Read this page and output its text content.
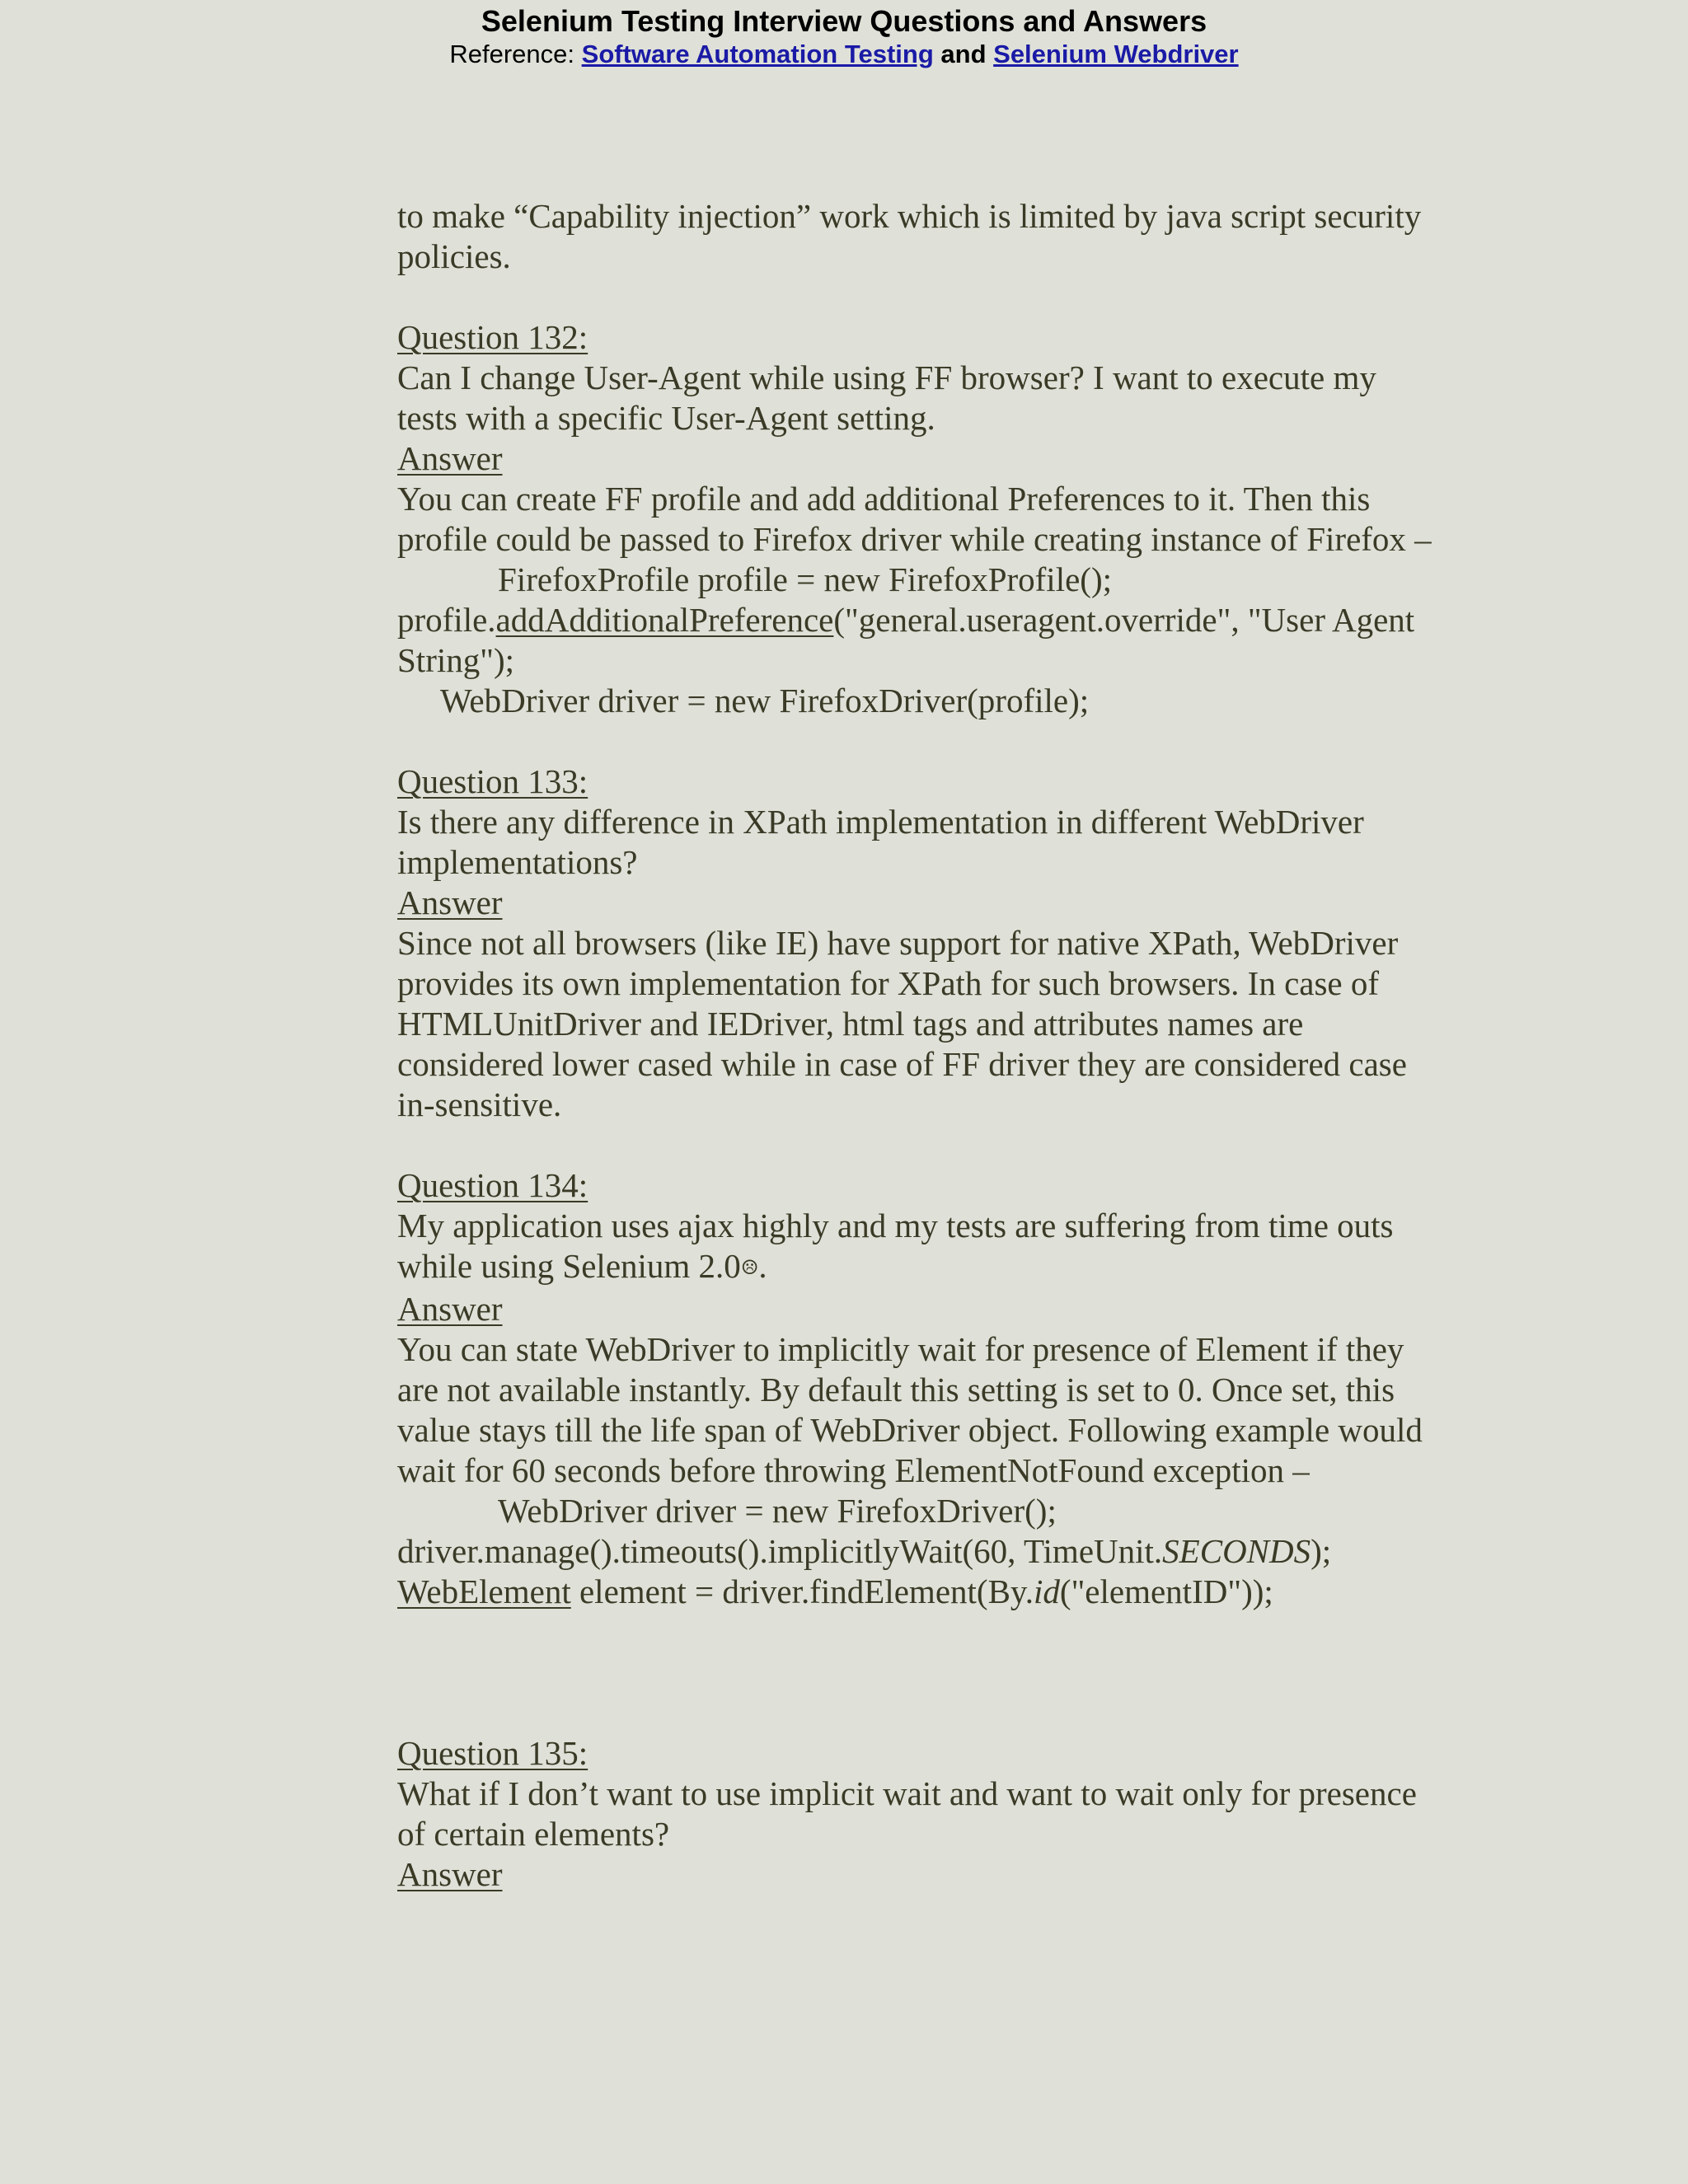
Selenium Testing Interview Questions and Answers
Reference: Software Automation Testing and Selenium Webdriver

to make “Capability injection” work which is limited by java script security

policies.

Question 132:

Can I change User-Agent while using FF browser? I want to execute my

tests with a specific User-Agent setting.

Answer

You can create FF profile and add additional Preferences to it. Then this

profile could be passed to Firefox driver while creating instance of Firefox –

FirefoxProfile profile = new FirefoxProfile();

profile.addAdditionalPreference("general.useragent.override", "User Agent

String");

WebDriver driver = new FirefoxDriver(profile);

Question 133:

Is there any difference in XPath implementation in different WebDriver

implementations?

Answer

Since not all browsers (like IE) have support for native XPath, WebDriver

provides its own implementation for XPath for such browsers. In case of

HTMLUnitDriver and IEDriver, html tags and attributes names are

considered lower cased while in case of FF driver they are considered case

in-sensitive.

Question 134:

My application uses ajax highly and my tests are suffering from time outs

while using Selenium 2.0☹.

Answer

You can state WebDriver to implicitly wait for presence of Element if they

are not available instantly. By default this setting is set to 0. Once set, this

value stays till the life span of WebDriver object. Following example would

wait for 60 seconds before throwing ElementNotFound exception –

WebDriver driver = new FirefoxDriver();

driver.manage().timeouts().implicitlyWait(60, TimeUnit.SECONDS);

WebElement element = driver.findElement(By.id("elementID"));

Question 135:

What if I don’t want to use implicit wait and want to wait only for presence

of certain elements?

Answer
